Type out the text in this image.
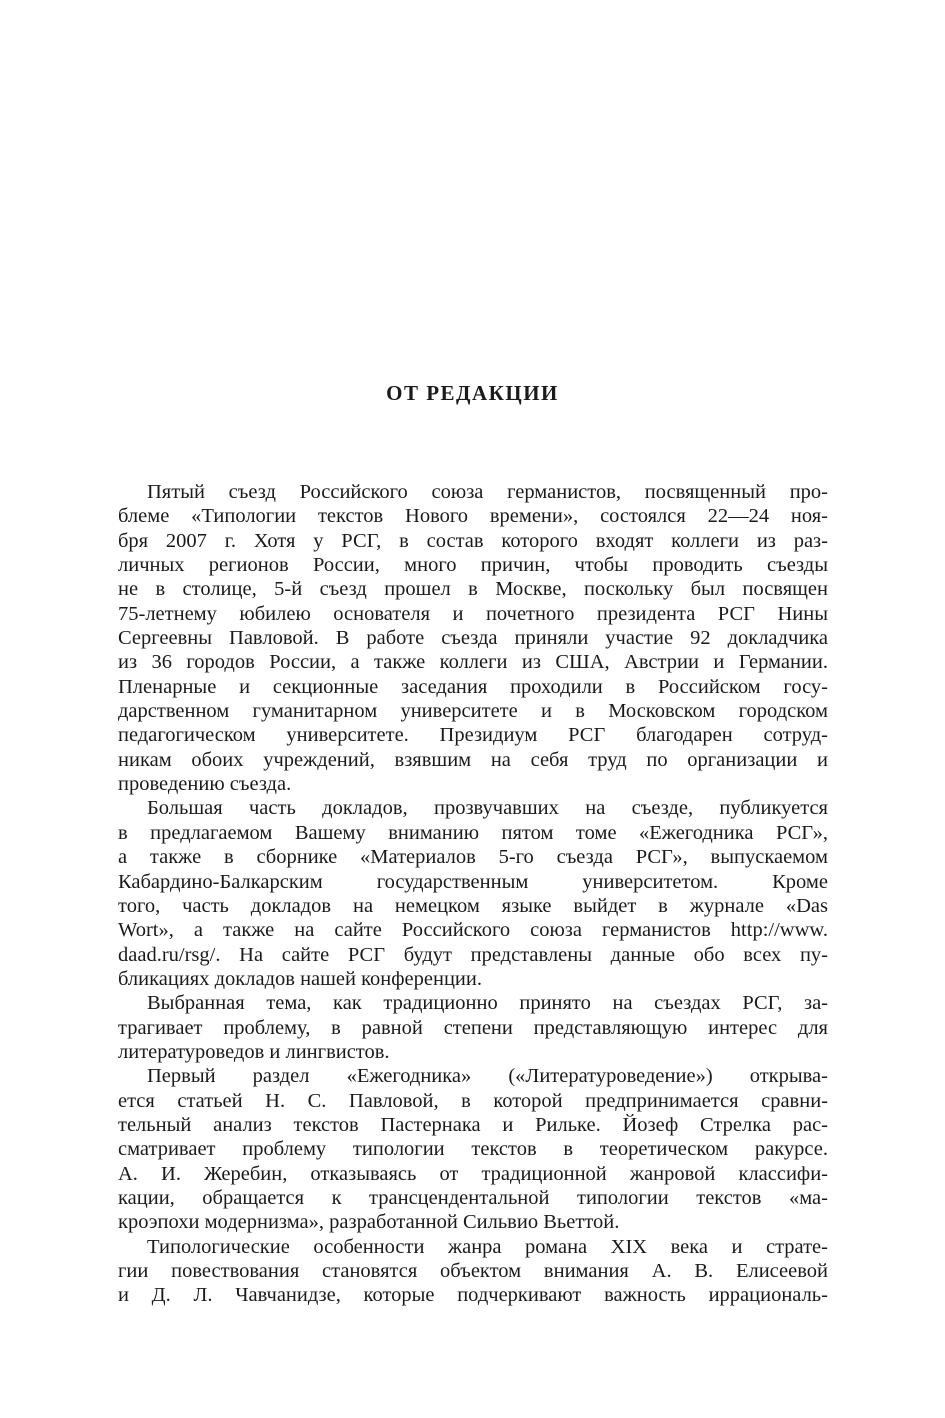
ОТ РЕДАКЦИИ
Пятый съезд Российского союза германистов, посвященный про-
блеме «Типологии текстов Нового времени», состоялся 22—24 ноя-
бря 2007 г. Хотя у РСГ, в состав которого входят коллеги из раз-
личных регионов России, много причин, чтобы проводить съезды
не в столице, 5-й съезд прошел в Москве, поскольку был посвящен
75-летнему юбилею основателя и почетного президента РСГ Нины
Сергеевны Павловой. В работе съезда приняли участие 92 докладчика
из 36 городов России, а также коллеги из США, Австрии и Германии.
Пленарные и секционные заседания проходили в Российском госу-
дарственном гуманитарном университете и в Московском городском
педагогическом университете. Президиум РСГ благодарен сотруд-
никам обоих учреждений, взявшим на себя труд по организации и
проведению съезда.
Большая часть докладов, прозвучавших на съезде, публикуется
в предлагаемом Вашему вниманию пятом томе «Ежегодника РСГ»,
а также в сборнике «Материалов 5-го съезда РСГ», выпускаемом
Кабардино-Балкарским государственным университетом. Кроме
того, часть докладов на немецком языке выйдет в журнале «Das
Wort», а также на сайте Российского союза германистов http://www.
daad.ru/rsg/. На сайте РСГ будут представлены данные обо всех пу-
бликациях докладов нашей конференции.
Выбранная тема, как традиционно принято на съездах РСГ, за-
трагивает проблему, в равной степени представляющую интерес для
литературоведов и лингвистов.
Первый раздел «Ежегодника» («Литературоведение») открыва-
ется статьей Н. С. Павловой, в которой предпринимается сравни-
тельный анализ текстов Пастернака и Рильке. Йозеф Стрелка рас-
сматривает проблему типологии текстов в теоретическом ракурсе.
А. И. Жеребин, отказываясь от традиционной жанровой классифи-
кации, обращается к трансцендентальной типологии текстов «ма-
кроэпохи модернизма», разработанной Сильвио Вьеттой.
Типологические особенности жанра романа XIX века и страте-
гии повествования становятся объектом внимания А. В. Елисеевой
и Д. Л. Чавчанидзе, которые подчеркивают важность иррациональ-
